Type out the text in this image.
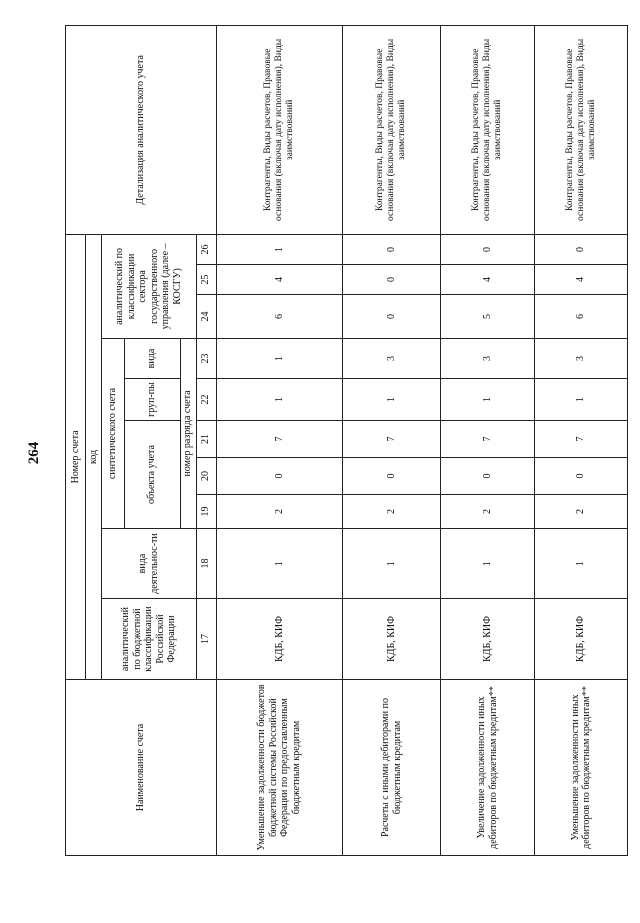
264
Наименование счета	Номер счета										Детализация аналитического учета
	код										
	аналитический по бюджетной классификации Российской Федерации	вида деятельнос-ти	синтетического счета					аналитический по классификации сектора государственного управления (далее – КОСГУ)			
			объекта учета			груп-пы	вида				
			номер разряда счета								
	17	18	19	20	21	22	23	24	25	26	
Уменьшение задолженности бюджетов бюджетной системы Российской Федерации по предоставленным бюджетным кредитам	КДБ, КИФ	1	2	0	7	1	1	6	4	1	Контрагенты, Виды расчетов, Правовые основания (включая дату исполнения), Виды заимствований
Расчеты с иными дебиторами по бюджетным кредитам	КДБ, КИФ	1	2	0	7	1	3	0	0	0	Контрагенты, Виды расчетов, Правовые основания (включая дату исполнения), Виды заимствований
Увеличение задолженности иных дебиторов по бюджетным кредитам**	КДБ, КИФ	1	2	0	7	1	3	5	4	0	Контрагенты, Виды расчетов, Правовые основания (включая дату исполнения), Виды заимствований
Уменьшение задолженности иных дебиторов по бюджетным кредитам**	КДБ, КИФ	1	2	0	7	1	3	6	4	0	Контрагенты, Виды расчетов, Правовые основания (включая дату исполнения), Виды заимствований
